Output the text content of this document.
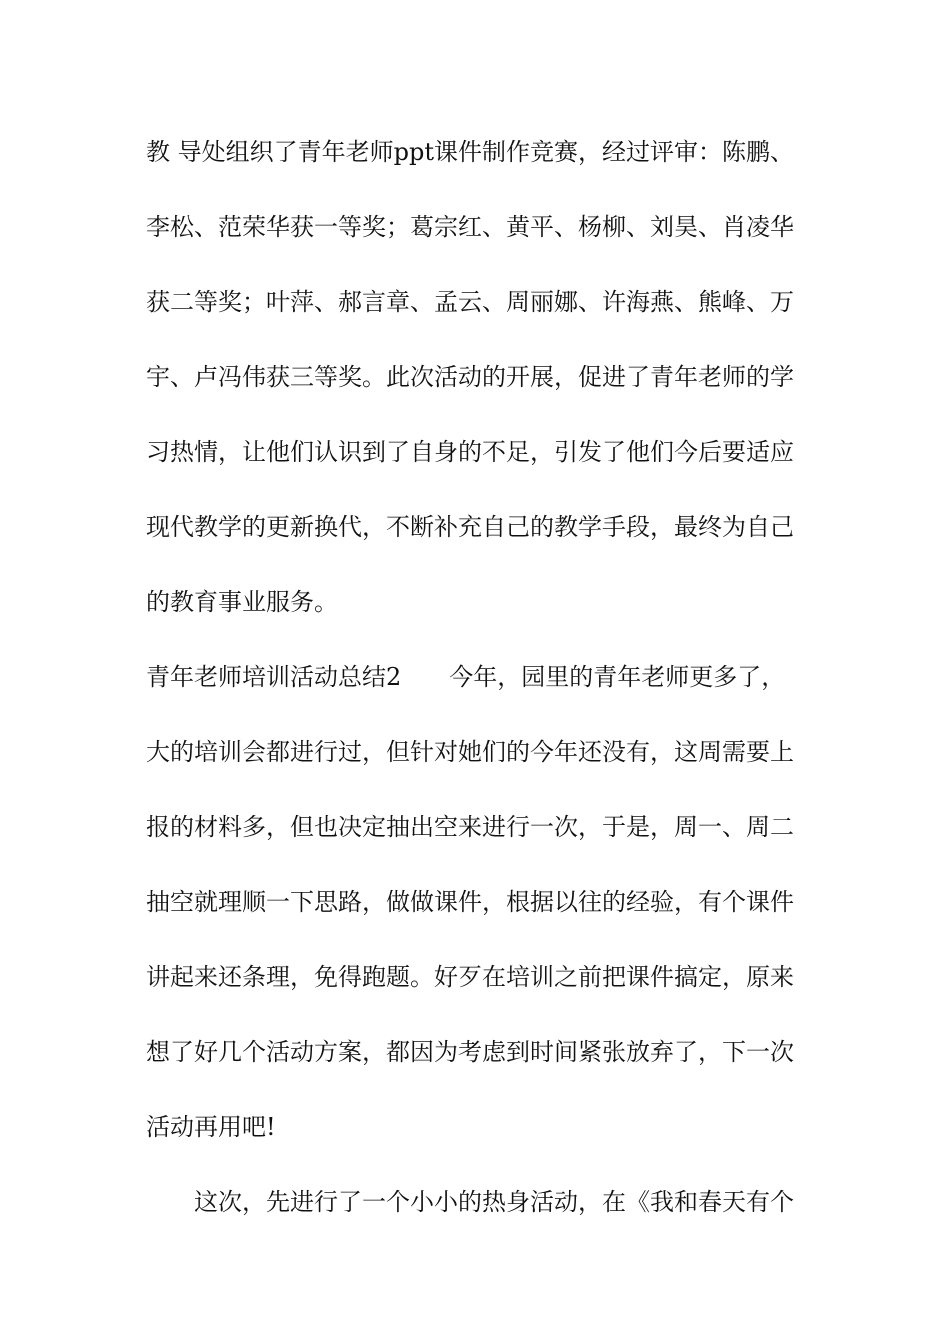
教 导处组织了青年老师ppt课件制作竞赛，经过评审：陈鹏、
李松、范荣华获一等奖；葛宗红、黄平、杨柳、刘昊、肖凌华
获二等奖；叶萍、郝言章、孟云、周丽娜、许海燕、熊峰、万
宇、卢冯伟获三等奖。此次活动的开展，促进了青年老师的学
习热情，让他们认识到了自身的不足，引发了他们今后要适应
现代教学的更新换代，不断补充自己的教学手段，最终为自己
的教育事业服务。
青年老师培训活动总结2　　今年，园里的青年老师更多了，
大的培训会都进行过，但针对她们的今年还没有，这周需要上
报的材料多，但也决定抽出空来进行一次，于是，周一、周二
抽空就理顺一下思路，做做课件，根据以往的经验，有个课件
讲起来还条理，免得跑题。好歹在培训之前把课件搞定，原来
想了好几个活动方案，都因为考虑到时间紧张放弃了，下一次
活动再用吧!
这次，先进行了一个小小的热身活动，在《我和春天有个
